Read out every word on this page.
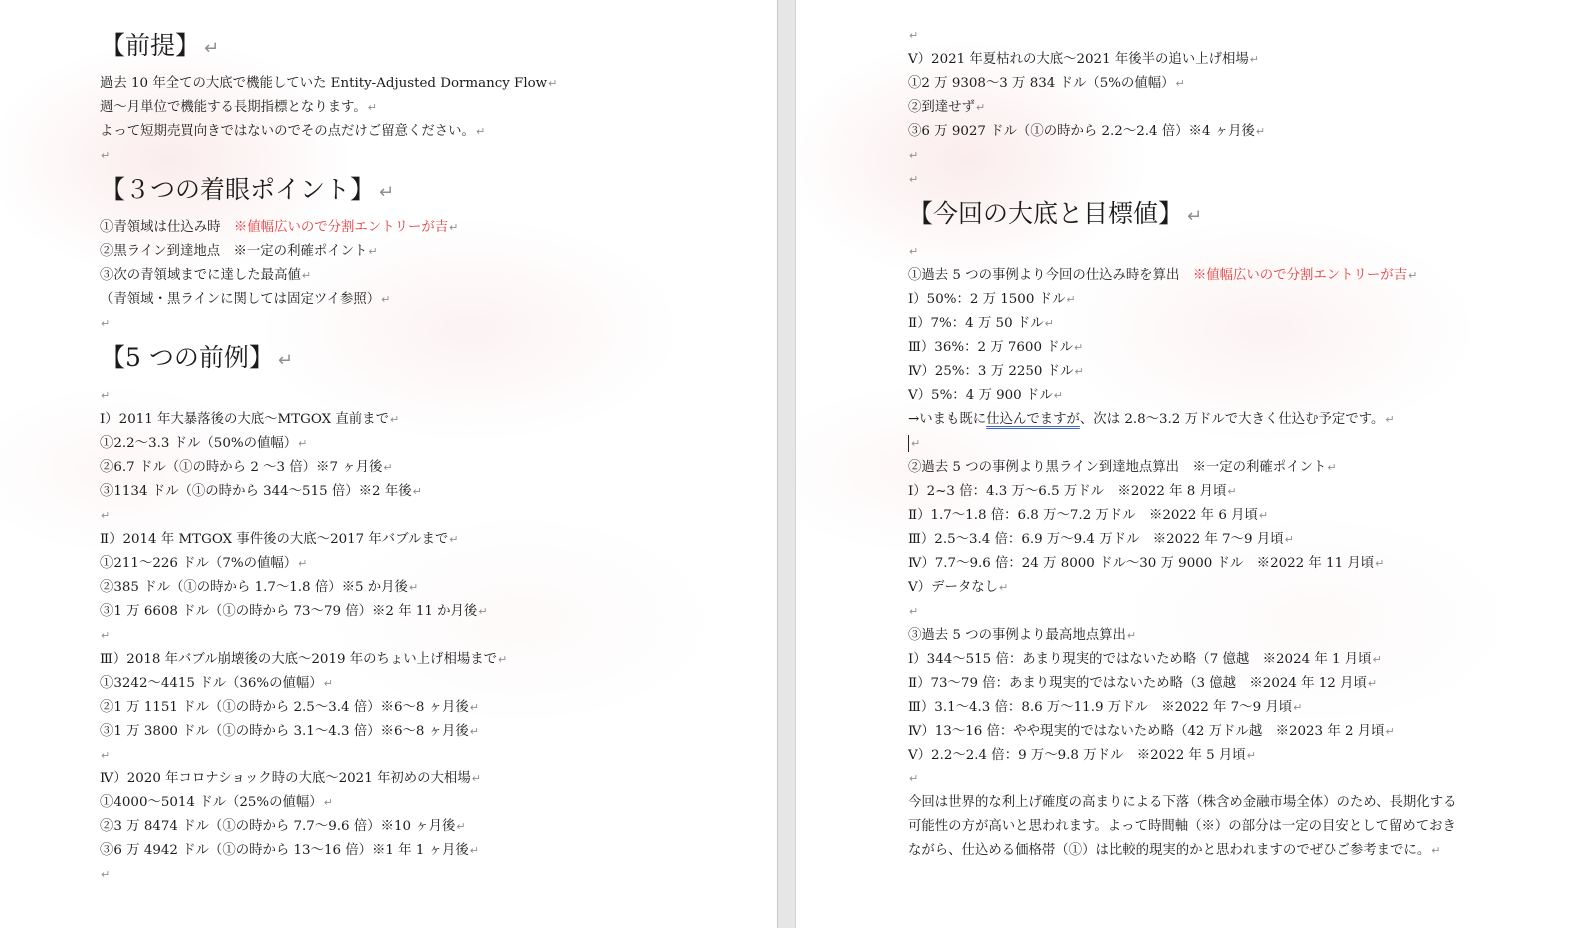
【前提】 ↵
過去 10 年全ての大底で機能していた Entity-Adjusted Dormancy Flow↵
週～月単位で機能する長期指標となります。↵
よって短期売買向きではないのでその点だけご留意ください。↵
↵
【３つの着眼ポイント】 ↵
①青領域は仕込み時　※値幅広いので分割エントリーが吉↵
②黒ライン到達地点　※一定の利確ポイント↵
③次の青領域までに達した最高値↵
（青領域・黒ラインに関しては固定ツイ参照）↵
↵
【5 つの前例】 ↵
↵
Ⅰ）2011 年大暴落後の大底～MTGOX 直前まで↵
①2.2～3.3 ドル（50%の値幅）↵
②6.7 ドル（①の時から 2 ～3 倍）※7 ヶ月後↵
③1134 ドル（①の時から 344～515 倍）※2 年後↵
↵
Ⅱ）2014 年 MTGOX 事件後の大底～2017 年バブルまで↵
①211～226 ドル（7%の値幅）↵
②385 ドル（①の時から 1.7～1.8 倍）※5 か月後↵
③1 万 6608 ドル（①の時から 73～79 倍）※2 年 11 か月後↵
↵
Ⅲ）2018 年バブル崩壊後の大底～2019 年のちょい上げ相場まで↵
①3242～4415 ドル（36%の値幅）↵
②1 万 1151 ドル（①の時から 2.5～3.4 倍）※6～8 ヶ月後↵
③1 万 3800 ドル（①の時から 3.1～4.3 倍）※6～8 ヶ月後↵
↵
Ⅳ）2020 年コロナショック時の大底～2021 年初めの大相場↵
①4000～5014 ドル（25%の値幅）↵
②3 万 8474 ドル（①の時から 7.7～9.6 倍）※10 ヶ月後↵
③6 万 4942 ドル（①の時から 13～16 倍）※1 年 1 ヶ月後↵
↵
↵
Ⅴ）2021 年夏枯れの大底～2021 年後半の追い上げ相場↵
①2 万 9308～3 万 834 ドル（5%の値幅）↵
②到達せず↵
③6 万 9027 ドル（①の時から 2.2～2.4 倍）※4 ヶ月後↵
↵
↵
【今回の大底と目標値】 ↵
↵
①過去 5 つの事例より今回の仕込み時を算出　※値幅広いので分割エントリーが吉↵
Ⅰ）50%：2 万 1500 ドル↵
Ⅱ）7%：4 万 50 ドル↵
Ⅲ）36%：2 万 7600 ドル↵
Ⅳ）25%：3 万 2250 ドル↵
Ⅴ）5%：4 万 900 ドル↵
→いまも既に仕込んでますが、次は 2.8～3.2 万ドルで大きく仕込む予定です。↵
↵
②過去 5 つの事例より黒ライン到達地点算出　※一定の利確ポイント↵
Ⅰ）2~3 倍：4.3 万～6.5 万ドル　※2022 年 8 月頃↵
Ⅱ）1.7～1.8 倍：6.8 万～7.2 万ドル　※2022 年 6 月頃↵
Ⅲ）2.5～3.4 倍：6.9 万～9.4 万ドル　※2022 年 7～9 月頃↵
Ⅳ）7.7～9.6 倍：24 万 8000 ドル～30 万 9000 ドル　※2022 年 11 月頃↵
Ⅴ）データなし↵
↵
③過去 5 つの事例より最高地点算出↵
Ⅰ）344～515 倍：あまり現実的ではないため略（7 億越　※2024 年 1 月頃↵
Ⅱ）73～79 倍：あまり現実的ではないため略（3 億越　※2024 年 12 月頃↵
Ⅲ）3.1～4.3 倍：8.6 万～11.9 万ドル　※2022 年 7～9 月頃↵
Ⅳ）13～16 倍：やや現実的ではないため略（42 万ドル越　※2023 年 2 月頃↵
Ⅴ）2.2～2.4 倍：9 万～9.8 万ドル　※2022 年 5 月頃↵
↵
今回は世界的な利上げ確度の高まりによる下落（株含め金融市場全体）のため、長期化する
可能性の方が高いと思われます。よって時間軸（※）の部分は一定の目安として留めておき
ながら、仕込める価格帯（①）は比較的現実的かと思われますのでぜひご参考までに。↵
